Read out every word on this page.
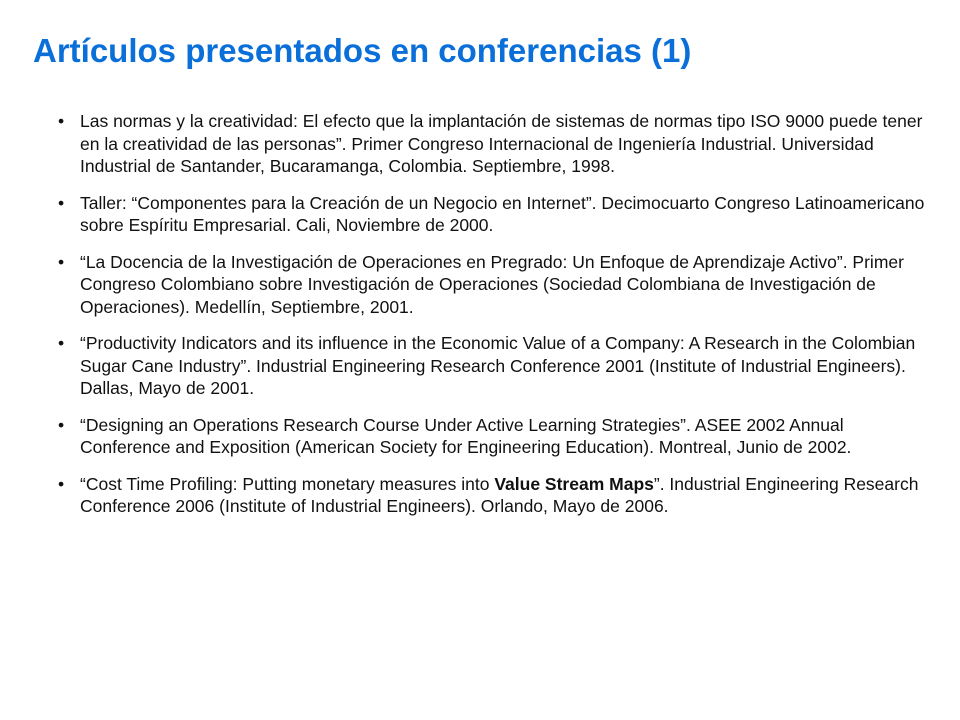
Artículos presentados en conferencias (1)
• Las normas y la creatividad: El efecto que la implantación de sistemas de normas tipo ISO 9000 puede tener en la creatividad de las personas”. Primer Congreso Internacional de Ingeniería Industrial. Universidad Industrial de Santander, Bucaramanga, Colombia. Septiembre, 1998.
• Taller: “Componentes para la Creación de un Negocio en Internet”. Decimocuarto Congreso Latinoamericano sobre Espíritu Empresarial. Cali, Noviembre de 2000.
• “La Docencia de la Investigación de Operaciones en Pregrado: Un Enfoque de Aprendizaje Activo”. Primer Congreso Colombiano sobre Investigación de Operaciones (Sociedad Colombiana de Investigación de Operaciones). Medellín, Septiembre, 2001.
• “Productivity Indicators and its influence in the Economic Value of a Company: A Research in the Colombian Sugar Cane Industry”. Industrial Engineering Research Conference 2001 (Institute of Industrial Engineers). Dallas, Mayo de 2001.
• “Designing an Operations Research Course Under Active Learning Strategies”. ASEE 2002 Annual Conference and Exposition (American Society for Engineering Education). Montreal, Junio de 2002.
• “Cost Time Profiling: Putting monetary measures into Value Stream Maps”. Industrial Engineering Research Conference 2006 (Institute of Industrial Engineers). Orlando, Mayo de 2006.
